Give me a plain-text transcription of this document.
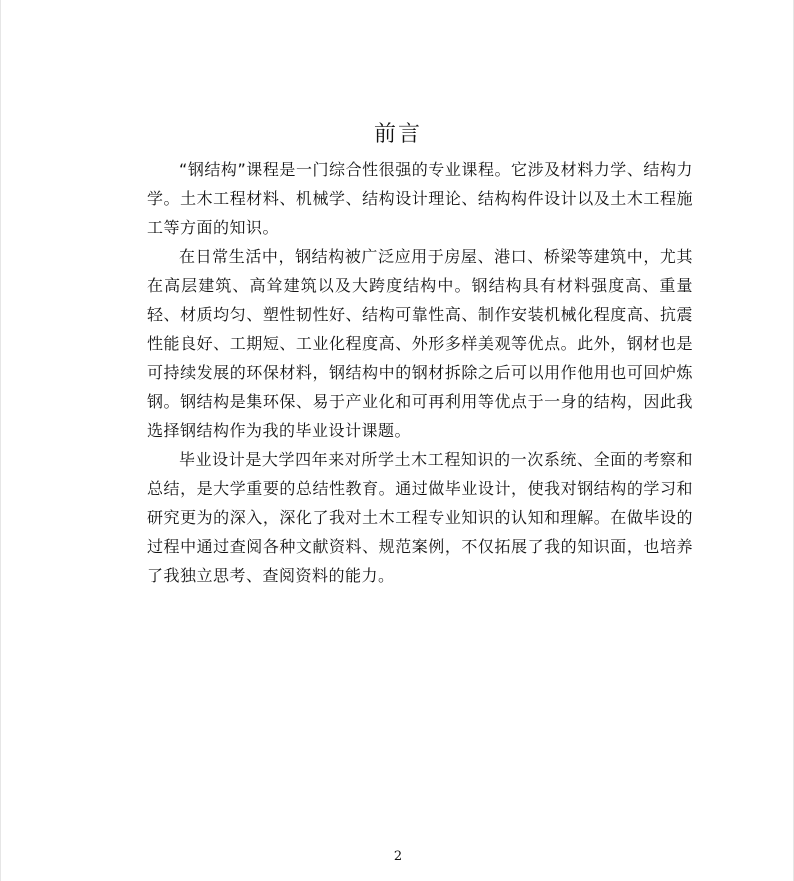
前言

“钢结构”课程是一门综合性很强的专业课程。它涉及材料力学、结构力学。土木工程材料、机械学、结构设计理论、结构构件设计以及土木工程施工等方面的知识。

在日常生活中，钢结构被广泛应用于房屋、港口、桥梁等建筑中，尤其在高层建筑、高耸建筑以及大跨度结构中。钢结构具有材料强度高、重量轻、材质均匀、塑性韧性好、结构可靠性高、制作安装机械化程度高、抗震性能良好、工期短、工业化程度高、外形多样美观等优点。此外，钢材也是可持续发展的环保材料，钢结构中的钢材拆除之后可以用作他用也可回炉炼钢。钢结构是集环保、易于产业化和可再利用等优点于一身的结构，因此我选择钢结构作为我的毕业设计课题。

毕业设计是大学四年来对所学土木工程知识的一次系统、全面的考察和总结，是大学重要的总结性教育。通过做毕业设计，使我对钢结构的学习和研究更为的深入，深化了我对土木工程专业知识的认知和理解。在做毕设的过程中通过查阅各种文献资料、规范案例，不仅拓展了我的知识面，也培养了我独立思考、查阅资料的能力。

2
